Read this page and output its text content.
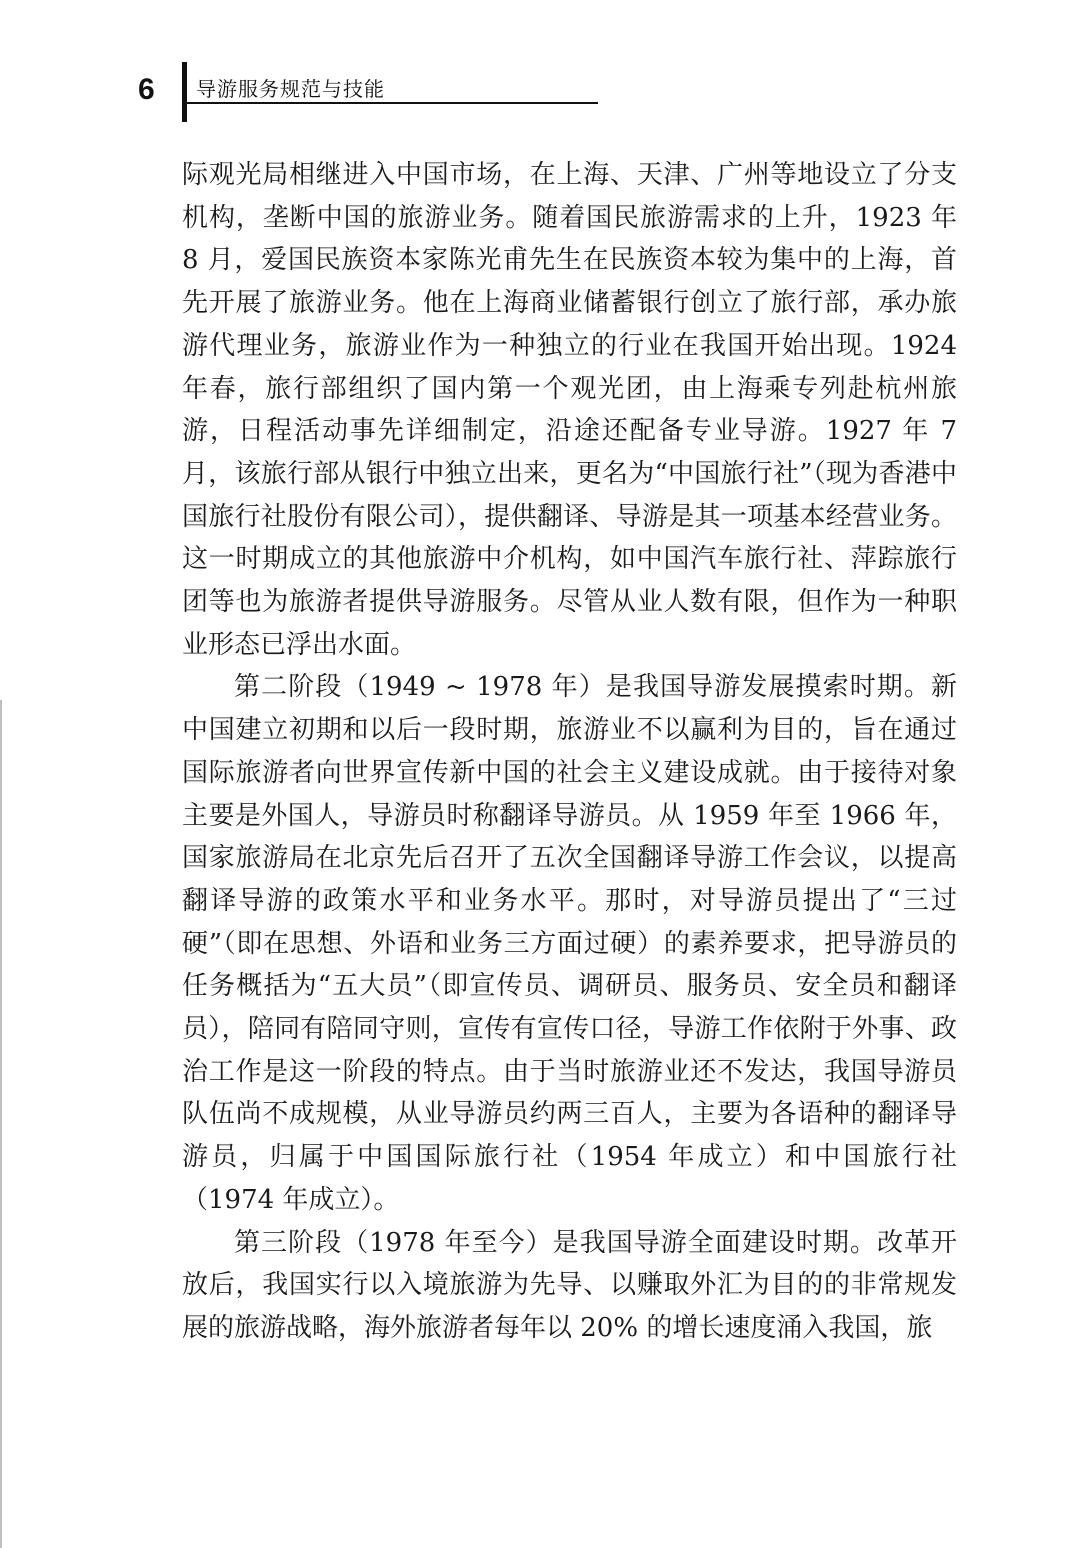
6 导游服务规范与技能

际观光局相继进入中国市场，在上海、天津、广州等地设立了分支机构，垄断中国的旅游业务。随着国民旅游需求的上升，1923 年 8 月，爱国民族资本家陈光甫先生在民族资本较为集中的上海，首先开展了旅游业务。他在上海商业储蓄银行创立了旅行部，承办旅游代理业务，旅游业作为一种独立的行业在我国开始出现。1924 年春，旅行部组织了国内第一个观光团，由上海乘专列赴杭州旅游，日程活动事先详细制定，沿途还配备专业导游。1927 年 7 月，该旅行部从银行中独立出来，更名为“中国旅行社”（现为香港中国旅行社股份有限公司），提供翻译、导游是其一项基本经营业务。这一时期成立的其他旅游中介机构，如中国汽车旅行社、萍踪旅行团等也为旅游者提供导游服务。尽管从业人数有限，但作为一种职业形态已浮出水面。

第二阶段（1949 ~ 1978 年）是我国导游发展摸索时期。新中国建立初期和以后一段时期，旅游业不以赢利为目的，旨在通过国际旅游者向世界宣传新中国的社会主义建设成就。由于接待对象主要是外国人，导游员时称翻译导游员。从 1959 年至 1966 年，国家旅游局在北京先后召开了五次全国翻译导游工作会议，以提高翻译导游的政策水平和业务水平。那时，对导游员提出了“三过硬”（即在思想、外语和业务三方面过硬）的素养要求，把导游员的任务概括为“五大员”（即宣传员、调研员、服务员、安全员和翻译员），陪同有陪同守则，宣传有宣传口径，导游工作依附于外事、政治工作是这一阶段的特点。由于当时旅游业还不发达，我国导游员队伍尚不成规模，从业导游员约两三百人，主要为各语种的翻译导游员，归属于中国国际旅行社（1954 年成立）和中国旅行社（1974 年成立）。

第三阶段（1978 年至今）是我国导游全面建设时期。改革开放后，我国实行以入境旅游为先导、以赚取外汇为目的的非常规发展的旅游战略，海外旅游者每年以 20% 的增长速度涌入我国，旅
